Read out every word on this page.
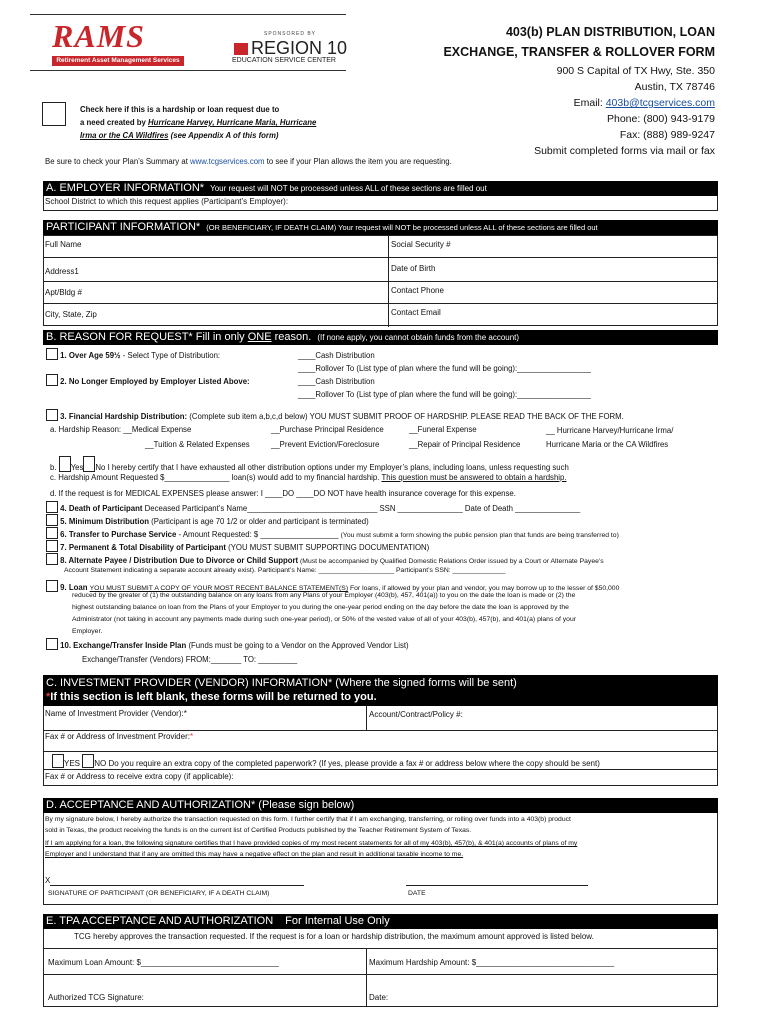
RAMS
Retirement Asset Management Services
SPONSORED BY
REGION 10
EDUCATION SERVICE CENTER
403(b) PLAN DISTRIBUTION, LOAN
EXCHANGE, TRANSFER & ROLLOVER FORM
900 S Capital of TX Hwy, Ste. 350
Austin, TX 78746
Email: 403b@tcgservices.com
Phone: (800) 943-9179
Fax: (888) 989-9247
Submit completed forms via mail or fax
Check here if this is a hardship or loan request due to
a need created by Hurricane Harvey, Hurricane Maria, Hurricane
Irma or the CA Wildfires (see Appendix A of this form)
Be sure to check your Plan’s Summary at www.tcgservices.com to see if your Plan allows the item you are requesting.
A. EMPLOYER INFORMATION* Your request will NOT be processed unless ALL of these sections are filled out
School District to which this request applies (Participant’s Employer):
PARTICIPANT INFORMATION* (OR BENEFICIARY, IF DEATH CLAIM) Your request will NOT be processed unless ALL of these sections are filled out
Full Name	Social Security #
Address1	Date of Birth
Apt/Bldg #	Contact Phone
City, State, Zip	Contact Email
B. REASON FOR REQUEST* Fill in only ONE reason. (If none apply, you cannot obtain funds from the account)
1. Over Age 59½ - Select Type of Distribution:	____Cash Distribution
____Rollover To (List type of plan where the fund will be going):_________________
2. No Longer Employed by Employer Listed Above:	____Cash Distribution
____Rollover To (List type of plan where the fund will be going):_________________
3. Financial Hardship Distribution: (Complete sub item a,b,c,d below) YOU MUST SUBMIT PROOF OF HARDSHIP. PLEASE READ THE BACK OF THE FORM.
a. Hardship Reason: __Medical Expense	__Purchase Principal Residence	__Funeral Expense	__ Hurricane Harvey/Hurricane Irma/
__Tuition & Related Expenses	__Prevent Eviction/Foreclosure	__Repair of Principal Residence	Hurricane Maria or the CA Wildfires
b. Yes No I hereby certify that I have exhausted all other distribution options under my Employer’s plans, including loans, unless requesting such
c. Hardship Amount Requested $_______________ loan(s) would add to my financial hardship. This question must be answered to obtain a hardship.
d. If the request is for MEDICAL EXPENSES please answer: I ____DO ____DO NOT have health insurance coverage for this expense.
4. Death of Participant Deceased Participant’s Name______________________________ SSN _______________ Date of Death _______________
5. Minimum Distribution (Participant is age 70 1/2 or older and participant is terminated)
6. Transfer to Purchase Service - Amount Requested: $ __________________ (You must submit a form showing the public pension plan that funds are being transferred to)
7. Permanent & Total Disability of Participant (YOU MUST SUBMIT SUPPORTING DOCUMENTATION)
8. Alternate Payee / Distribution Due to Divorce or Child Support (Must be accompanied by Qualified Domestic Relations Order issued by a Court or Alternate Payee’s
Account Statement indicating a separate account already exist). Participant’s Name: ____________________ Participant’s SSN: ______________
9. Loan YOU MUST SUBMIT A COPY OF YOUR MOST RECENT BALANCE STATEMENT(S) For loans, if allowed by your plan and vendor, you may borrow up to the lesser of $50,000
reduced by the greater of (1) the outstanding balance on any loans from any Plans of your Employer (403(b), 457, 401(a)) to you on the date the loan is made or (2) the
highest outstanding balance on loan from the Plans of your Employer to you during the one-year period ending on the day before the date the loan is approved by the
Administrator (not taking in account any payments made during such one-year period), or 50% of the vested value of all of your 403(b), 457(b), and 401(a) plans of your
Employer.
10. Exchange/Transfer Inside Plan (Funds must be going to a Vendor on the Approved Vendor List)
Exchange/Transfer (Vendors) FROM:_______ TO: _________
C. INVESTMENT PROVIDER (VENDOR) INFORMATION* (Where the signed forms will be sent)
*If this section is left blank, these forms will be returned to you.
Name of Investment Provider (Vendor):*	Account/Contract/Policy #:
Fax # or Address of Investment Provider:*
YES NO Do you require an extra copy of the completed paperwork? (If yes, please provide a fax # or address below where the copy should be sent)
Fax # or Address to receive extra copy (if applicable):
D. ACCEPTANCE AND AUTHORIZATION* (Please sign below)
By my signature below, I hereby authorize the transaction requested on this form. I further certify that if I am exchanging, transferring, or rolling over funds into a 403(b) product
sold in Texas, the product receiving the funds is on the current list of Certified Products published by the Teacher Retirement System of Texas.
If I am applying for a loan, the following signature certifies that I have provided copies of my most recent statements for all of my 403(b), 457(b), & 401(a) accounts of plans of my
Employer and I understand that if any are omitted this may have a negative effect on the plan and result in additional taxable income to me.
X
SIGNATURE OF PARTICIPANT (OR BENEFICIARY, IF A DEATH CLAIM)	DATE
E. TPA ACCEPTANCE AND AUTHORIZATION For Internal Use Only
TCG hereby approves the transaction requested. If the request is for a loan or hardship distribution, the maximum amount approved is listed below.
Maximum Loan Amount: $_______________________________	Maximum Hardship Amount: $_______________________________
Authorized TCG Signature:	Date:
